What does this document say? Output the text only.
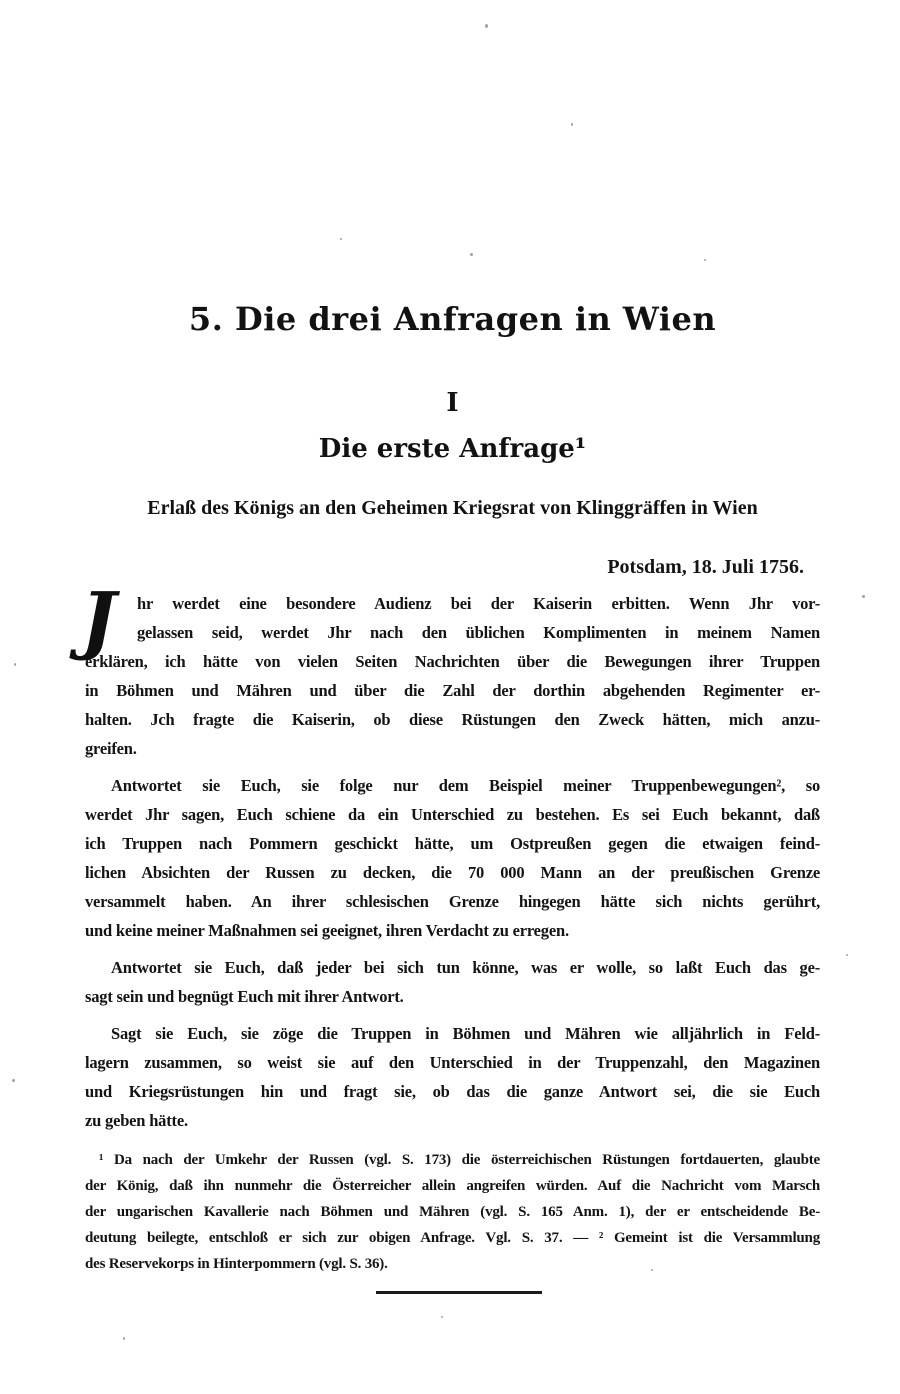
5. Die drei Anfragen in Wien
I
Die erste Anfrage¹
Erlaß des Königs an den Geheimen Kriegsrat von Klinggräffen in Wien
Potsdam, 18. Juli 1756.
J	hr werdet eine besondere Audienz bei der Kaiserin erbitten. Wenn Jhr vor-
gelassen seid, werdet Jhr nach den üblichen Komplimenten in meinem Namen
erklären, ich hätte von vielen Seiten Nachrichten über die Bewegungen ihrer Truppen
in Böhmen und Mähren und über die Zahl der dorthin abgehenden Regimenter er-
halten. Jch fragte die Kaiserin, ob diese Rüstungen den Zweck hätten, mich anzu-
greifen.
Antwortet sie Euch, sie folge nur dem Beispiel meiner Truppenbewegungen², so
werdet Jhr sagen, Euch schiene da ein Unterschied zu bestehen. Es sei Euch bekannt, daß
ich Truppen nach Pommern geschickt hätte, um Ostpreußen gegen die etwaigen feind-
lichen Absichten der Russen zu decken, die 70 000 Mann an der preußischen Grenze
versammelt haben. An ihrer schlesischen Grenze hingegen hätte sich nichts gerührt,
und keine meiner Maßnahmen sei geeignet, ihren Verdacht zu erregen.
Antwortet sie Euch, daß jeder bei sich tun könne, was er wolle, so laßt Euch das ge-
sagt sein und begnügt Euch mit ihrer Antwort.
Sagt sie Euch, sie zöge die Truppen in Böhmen und Mähren wie alljährlich in Feld-
lagern zusammen, so weist sie auf den Unterschied in der Truppenzahl, den Magazinen
und Kriegsrüstungen hin und fragt sie, ob das die ganze Antwort sei, die sie Euch
zu geben hätte.
¹ Da nach der Umkehr der Russen (vgl. S. 173) die österreichischen Rüstungen fortdauerten, glaubte
der König, daß ihn nunmehr die Österreicher allein angreifen würden. Auf die Nachricht vom Marsch
der ungarischen Kavallerie nach Böhmen und Mähren (vgl. S. 165 Anm. 1), der er entscheidende Be-
deutung beilegte, entschloß er sich zur obigen Anfrage. Vgl. S. 37. — ² Gemeint ist die Versammlung
des Reservekorps in Hinterpommern (vgl. S. 36).
